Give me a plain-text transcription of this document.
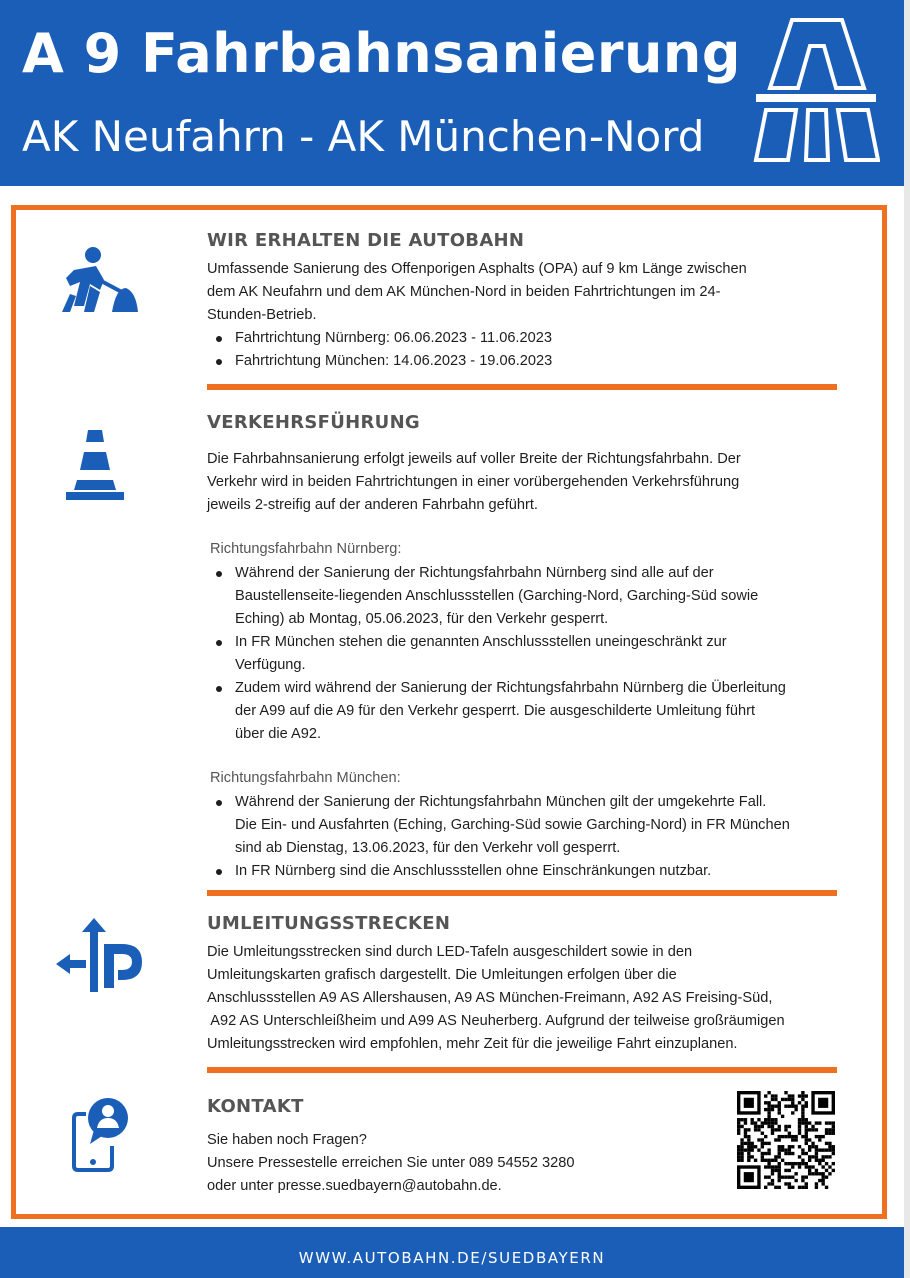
A 9 Fahrbahnsanierung
AK Neufahrn - AK München-Nord
WIR ERHALTEN DIE AUTOBAHN
Umfassende Sanierung des Offenporigen Asphalts (OPA) auf 9 km Länge zwischen
dem AK Neufahrn und dem AK München-Nord in beiden Fahrtrichtungen im 24-
Stunden-Betrieb.
Fahrtrichtung Nürnberg: 06.06.2023 - 11.06.2023
Fahrtrichtung München: 14.06.2023 - 19.06.2023
VERKEHRSFÜHRUNG
Die Fahrbahnsanierung erfolgt jeweils auf voller Breite der Richtungsfahrbahn. Der
Verkehr wird in beiden Fahrtrichtungen in einer vorübergehenden Verkehrsführung
jeweils 2-streifig auf der anderen Fahrbahn geführt.
Richtungsfahrbahn Nürnberg:
Während der Sanierung der Richtungsfahrbahn Nürnberg sind alle auf der
Baustellenseite-liegenden Anschlussstellen (Garching-Nord, Garching-Süd sowie
Eching) ab Montag, 05.06.2023, für den Verkehr gesperrt.
In FR München stehen die genannten Anschlussstellen uneingeschränkt zur
Verfügung.
Zudem wird während der Sanierung der Richtungsfahrbahn Nürnberg die Überleitung
der A99 auf die A9 für den Verkehr gesperrt. Die ausgeschilderte Umleitung führt
über die A92.
Richtungsfahrbahn München:
Während der Sanierung der Richtungsfahrbahn München gilt der umgekehrte Fall.
Die Ein- und Ausfahrten (Eching, Garching-Süd sowie Garching-Nord) in FR München
sind ab Dienstag, 13.06.2023, für den Verkehr voll gesperrt.
In FR Nürnberg sind die Anschlussstellen ohne Einschränkungen nutzbar.
UMLEITUNGSSTRECKEN
Die Umleitungsstrecken sind durch LED-Tafeln ausgeschildert sowie in den
Umleitungskarten grafisch dargestellt. Die Umleitungen erfolgen über die
Anschlussstellen A9 AS Allershausen, A9 AS München-Freimann, A92 AS Freising-Süd,
A92 AS Unterschleißheim und A99 AS Neuherberg. Aufgrund der teilweise großräumigen
Umleitungsstrecken wird empfohlen, mehr Zeit für die jeweilige Fahrt einzuplanen.
KONTAKT
Sie haben noch Fragen?
Unsere Pressestelle erreichen Sie unter 089 54552 3280
oder unter presse.suedbayern@autobahn.de.
WWW.AUTOBAHN.DE/SUEDBAYERN
